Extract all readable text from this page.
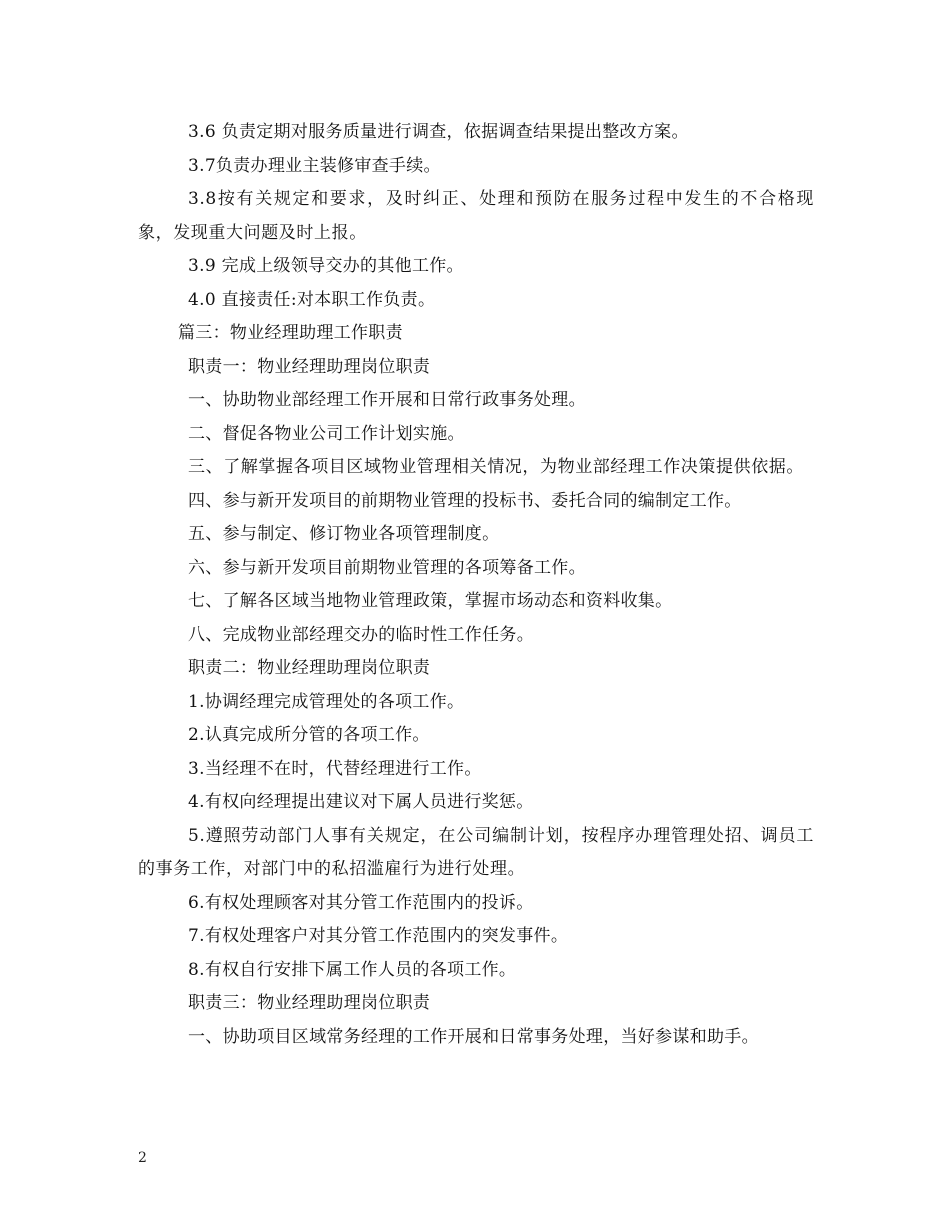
3.6 负责定期对服务质量进行调查，依据调查结果提出整改方案。

3.7负责办理业主装修审查手续。

3.8按有关规定和要求，及时纠正、处理和预防在服务过程中发生的不合格现象，发现重大问题及时上报。

3.9 完成上级领导交办的其他工作。

4.0 直接责任:对本职工作负责。

篇三：物业经理助理工作职责

职责一：物业经理助理岗位职责

一、协助物业部经理工作开展和日常行政事务处理。

二、督促各物业公司工作计划实施。

三、了解掌握各项目区域物业管理相关情况，为物业部经理工作决策提供依据。

四、参与新开发项目的前期物业管理的投标书、委托合同的编制定工作。

五、参与制定、修订物业各项管理制度。

六、参与新开发项目前期物业管理的各项筹备工作。

七、了解各区域当地物业管理政策，掌握市场动态和资料收集。

八、完成物业部经理交办的临时性工作任务。

职责二：物业经理助理岗位职责

1.协调经理完成管理处的各项工作。

2.认真完成所分管的各项工作。

3.当经理不在时，代替经理进行工作。

4.有权向经理提出建议对下属人员进行奖惩。

5.遵照劳动部门人事有关规定，在公司编制计划，按程序办理管理处招、调员工的事务工作，对部门中的私招滥雇行为进行处理。

6.有权处理顾客对其分管工作范围内的投诉。

7.有权处理客户对其分管工作范围内的突发事件。

8.有权自行安排下属工作人员的各项工作。

职责三：物业经理助理岗位职责

一、协助项目区域常务经理的工作开展和日常事务处理，当好参谋和助手。

2
